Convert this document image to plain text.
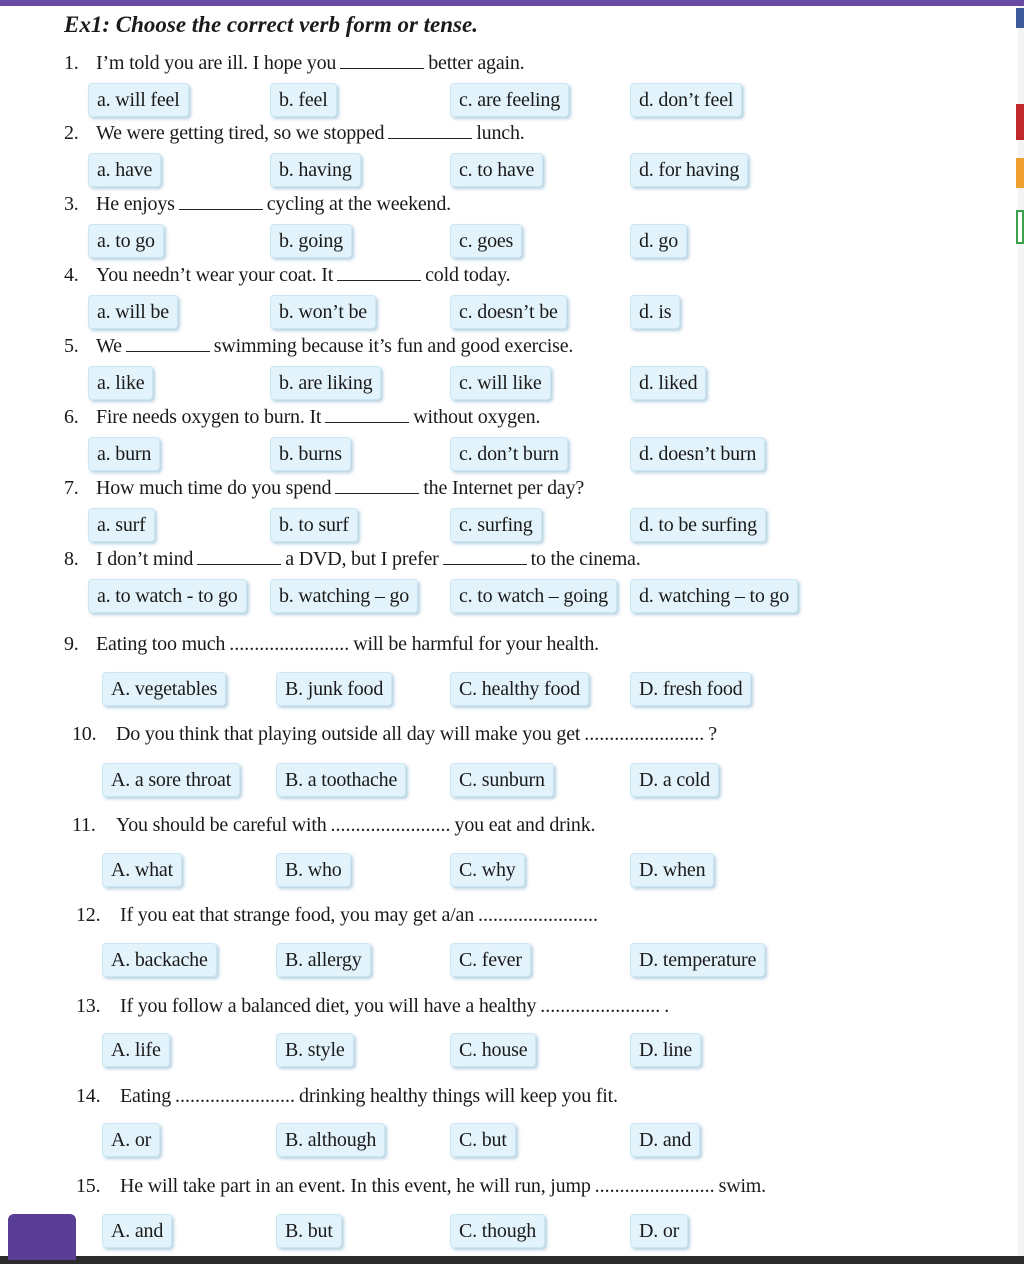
Ex1: Choose the correct verb form or tense.
1. I’m told you are ill. I hope you	better again.
a. will feel	b. feel	c. are feeling	d. don’t feel
2. We were getting tired, so we stopped	lunch.
a. have	b. having	c. to have	d. for having
3. He enjoys	cycling at the weekend.
a. to go	b. going	c. goes	d. go
4. You needn’t wear your coat. It	cold today.
a. will be	b. won’t be	c. doesn’t be	d. is
5. We	swimming because it’s fun and good exercise.
a. like	b. are liking	c. will like	d. liked
6. Fire needs oxygen to burn. It	without oxygen.
a. burn	b. burns	c. don’t burn	d. doesn’t burn
7. How much time do you spend	the Internet per day?
a. surf	b. to surf	c. surfing	d. to be surfing
8. I don’t mind	a DVD, but I prefer	to the cinema.
a. to watch - to go	b. watching – go	c. to watch – going	d. watching – to go
9. Eating too much ........................ will be harmful for your health.
A. vegetables	B. junk food	C. healthy food	D. fresh food
10. Do you think that playing outside all day will make you get ........................ ?
A. a sore throat	B. a toothache	C. sunburn	D. a cold
11. You should be careful with ........................ you eat and drink.
A. what	B. who	C. why	D. when
12. If you eat that strange food, you may get a/an ........................
A. backache	B. allergy	C. fever	D. temperature
13. If you follow a balanced diet, you will have a healthy ........................ .
A. life	B. style	C. house	D. line
14. Eating ........................ drinking healthy things will keep you fit.
A. or	B. although	C. but	D. and
15. He will take part in an event. In this event, he will run, jump ........................ swim.
A. and	B. but	C. though	D. or
